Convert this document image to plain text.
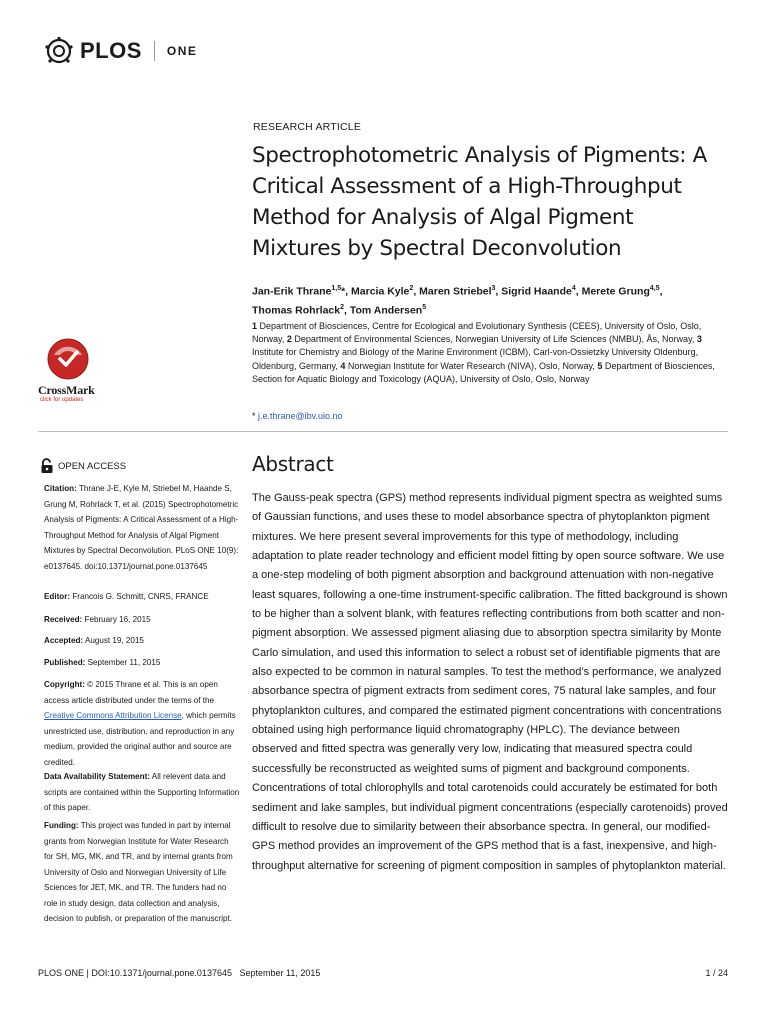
PLOS ONE
RESEARCH ARTICLE
Spectrophotometric Analysis of Pigments: A Critical Assessment of a High-Throughput Method for Analysis of Algal Pigment Mixtures by Spectral Deconvolution
Jan-Erik Thrane$^{1,5}$*, Marcia Kyle$^2$, Maren Striebel$^3$, Sigrid Haande$^4$, Merete Grung$^{4,5}$,
Thomas Rohrlack$^2$, Tom Andersen$^5$
1 Department of Biosciences, Centre for Ecological and Evolutionary Synthesis (CEES), University of Oslo, Oslo, Norway, 2 Department of Environmental Sciences, Norwegian University of Life Sciences (NMBU), Ås, Norway, 3 Institute for Chemistry and Biology of the Marine Environment (ICBM), Carl-von-Ossietzky University Oldenburg, Oldenburg, Germany, 4 Norwegian Institute for Water Research (NIVA), Oslo, Norway, 5 Department of Biosciences, Section for Aquatic Biology and Toxicology (AQUA), University of Oslo, Oslo, Norway
* j.e.thrane@ibv.uio.no
CrossMark
click for updates
OPEN ACCESS
Citation: Thrane J-E, Kyle M, Striebel M, Haande S, Grung M, Rohrlack T, et al. (2015) Spectrophotometric Analysis of Pigments: A Critical Assessment of a High-Throughput Method for Analysis of Algal Pigment Mixtures by Spectral Deconvolution. PLoS ONE 10(9): e0137645. doi:10.1371/journal.pone.0137645
Editor: Francois G. Schmitt, CNRS, FRANCE
Received: February 16, 2015
Accepted: August 19, 2015
Published: September 11, 2015
Copyright: © 2015 Thrane et al. This is an open access article distributed under the terms of the Creative Commons Attribution License, which permits unrestricted use, distribution, and reproduction in any medium, provided the original author and source are credited.
Data Availability Statement: All relevent data and scripts are contained within the Supporting Information of this paper.
Funding: This project was funded in part by internal grants from Norwegian Institute for Water Research for SH, MG, MK, and TR, and by internal grants from University of Oslo and Norwegian University of Life Sciences for JET, MK, and TR. The funders had no role in study design, data collection and analysis, decision to publish, or preparation of the manuscript.
Abstract
The Gauss-peak spectra (GPS) method represents individual pigment spectra as weighted sums of Gaussian functions, and uses these to model absorbance spectra of phytoplankton pigment mixtures. We here present several improvements for this type of methodology, including adaptation to plate reader technology and efficient model fitting by open source software. We use a one-step modeling of both pigment absorption and background attenuation with non-negative least squares, following a one-time instrument-specific calibration. The fitted background is shown to be higher than a solvent blank, with features reflecting contributions from both scatter and non-pigment absorption. We assessed pigment aliasing due to absorption spectra similarity by Monte Carlo simulation, and used this information to select a robust set of identifiable pigments that are also expected to be common in natural samples. To test the method’s performance, we analyzed absorbance spectra of pigment extracts from sediment cores, 75 natural lake samples, and four phytoplankton cultures, and compared the estimated pigment concentrations with concentrations obtained using high performance liquid chromatography (HPLC). The deviance between observed and fitted spectra was generally very low, indicating that measured spectra could successfully be reconstructed as weighted sums of pigment and background components. Concentrations of total chlorophylls and total carotenoids could accurately be estimated for both sediment and lake samples, but individual pigment concentrations (especially carotenoids) proved difficult to resolve due to similarity between their absorbance spectra. In general, our modified-GPS method provides an improvement of the GPS method that is a fast, inexpensive, and high-throughput alternative for screening of pigment composition in samples of phytoplankton material.
PLOS ONE | DOI:10.1371/journal.pone.0137645   September 11, 2015	1 / 24
